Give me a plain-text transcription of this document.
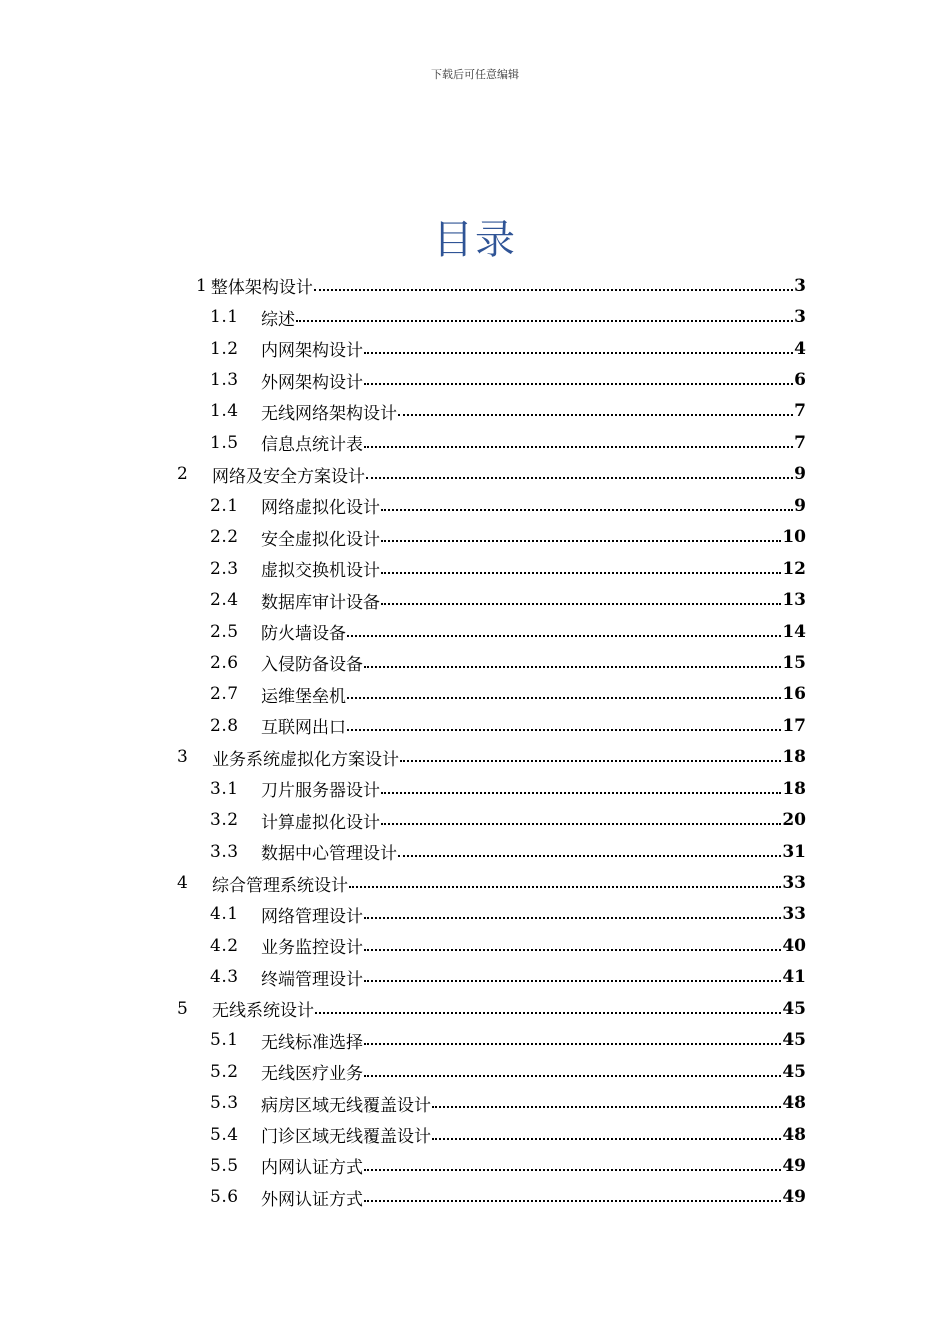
下载后可任意编辑
目录
1 整体架构设计	3
1.1	综述	3
1.2	内网架构设计	4
1.3	外网架构设计	6
1.4	无线网络架构设计	7
1.5	信息点统计表	7
2	网络及安全方案设计	9
2.1	网络虚拟化设计	9
2.2	安全虚拟化设计	10
2.3	虚拟交换机设计	12
2.4	数据库审计设备	13
2.5	防火墙设备	14
2.6	入侵防备设备	15
2.7	运维堡垒机	16
2.8	互联网出口	17
3	业务系统虚拟化方案设计	18
3.1	刀片服务器设计	18
3.2	计算虚拟化设计	20
3.3	数据中心管理设计	31
4	综合管理系统设计	33
4.1	网络管理设计	33
4.2	业务监控设计	40
4.3	终端管理设计	41
5	无线系统设计	45
5.1	无线标准选择	45
5.2	无线医疗业务	45
5.3	病房区域无线覆盖设计	48
5.4	门诊区域无线覆盖设计	48
5.5	内网认证方式	49
5.6	外网认证方式	49
